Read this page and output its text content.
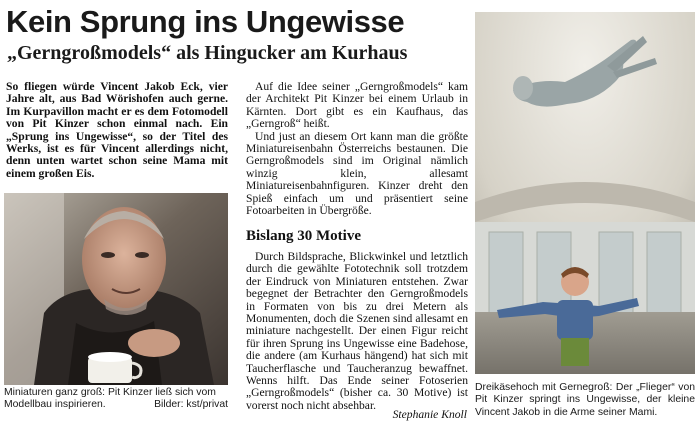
Kein Sprung ins Ungewisse
„Gerngroßmodels“ als Hingucker am Kurhaus

So fliegen würde Vincent Jakob Eck, vier Jahre alt, aus Bad Wörishofen auch gerne. Im Kurpavillon macht er es dem Fotomodell von Pit Kinzer schon einmal nach. Ein „Sprung ins Ungewisse“, so der Titel des Werks, ist es für Vincent allerdings nicht, denn unten wartet schon seine Mama mit einem großen Eis.

Auf die Idee seiner „Gerngroßmodels“ kam der Architekt Pit Kinzer bei einem Urlaub in Kärnten. Dort gibt es ein Kaufhaus, das „Gerngroß“ heißt.

Und just an diesem Ort kann man die größte Miniatureisenbahn Österreichs bestaunen. Die Gerngroßmodels sind im Original nämlich winzig klein, allesamt Miniatureisenbahnfiguren. Kinzer dreht den Spieß einfach um und präsentiert seine Fotoarbeiten in Übergröße.

Bislang 30 Motive

Durch Bildsprache, Blickwinkel und letztlich durch die gewählte Fototechnik soll trotzdem der Eindruck von Miniaturen entstehen. Zwar begegnet der Betrachter den Gerngroßmodels in Formaten von bis zu drei Metern als Monumenten, doch die Szenen sind allesamt en miniature nachgestellt. Der einen Figur reicht für ihren Sprung ins Ungewisse eine Badehose, die andere (am Kurhaus hängend) hat sich mit Taucherflasche und Taucheranzug bewaffnet. Wenns hilft. Das Ende seiner Fotoserien „Gerngroßmodels“ (bisher ca. 30 Motive) ist vorerst noch nicht absehbar.

Stephanie Knoll
Miniaturen ganz groß: Pit Kinzer ließ sich vom Modellbau inspirieren.	Bilder: kst/privat
Dreikäsehoch mit Gernegroß: Der „Flieger“ von Pit Kinzer springt ins Ungewisse, der kleine Vincent Jakob in die Arme seiner Mami.
